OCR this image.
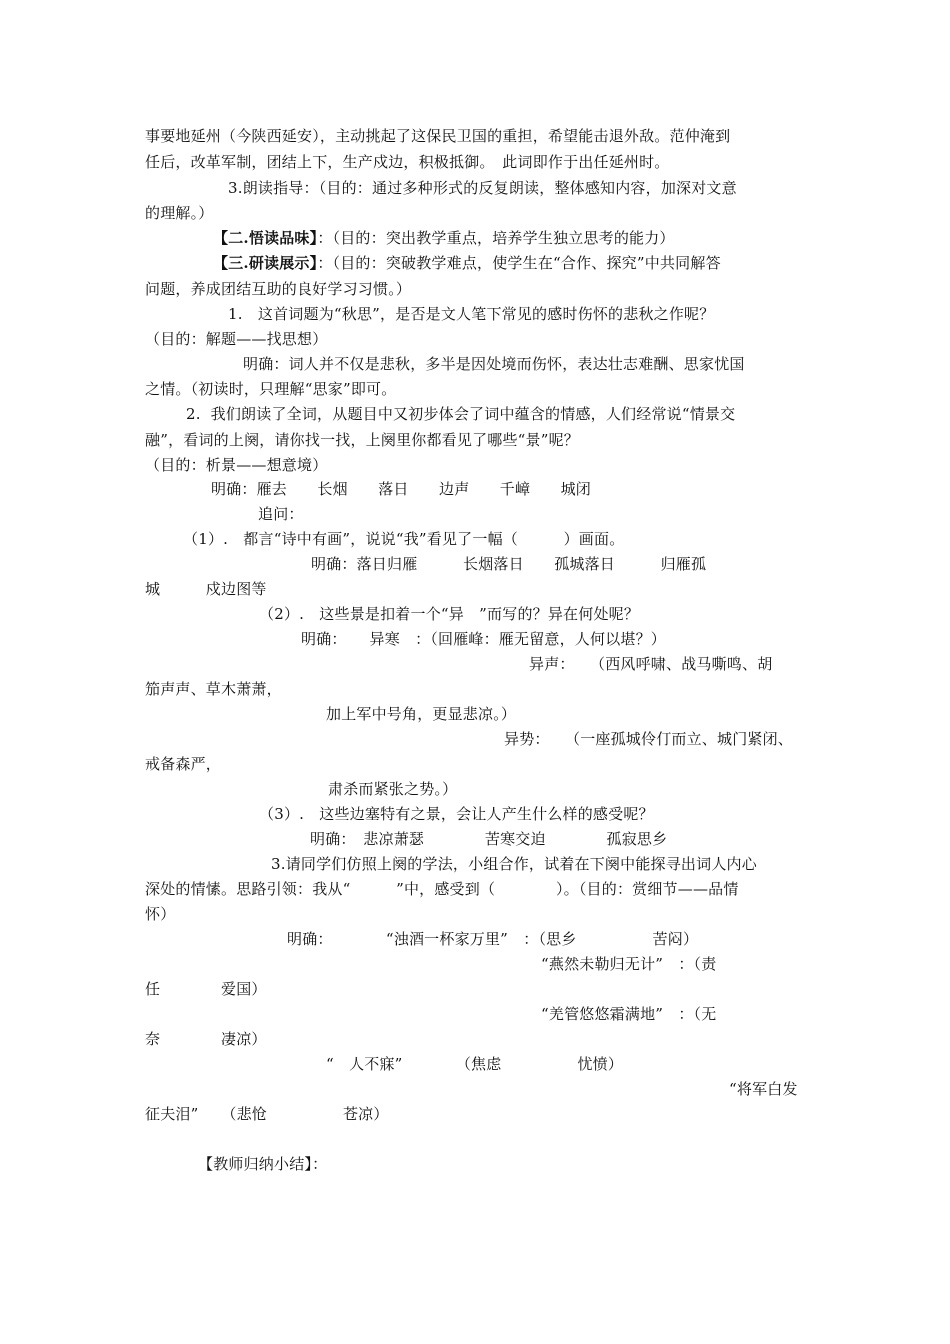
事要地延州（今陕西延安），主动挑起了这保民卫国的重担，希望能击退外敌。范仲淹到
任后，改革军制，团结上下，生产戍边，积极抵御。　此词即作于出任延州时。
3.朗读指导：（目的：通过多种形式的反复朗读，整体感知内容，加深对文意
的理解。）
【二.悟读品味】：（目的：突出教学重点，培养学生独立思考的能力）
【三.研读展示】：（目的：突破教学难点，使学生在“合作、探究”中共同解答
问题，养成团结互助的良好学习习惯。）
1.　这首词题为“秋思”，是否是文人笔下常见的感时伤怀的悲秋之作呢？
（目的：解题——找思想）
明确：词人并不仅是悲秋，多半是因处境而伤怀，表达壮志难酬、思家忧国
之情。（初读时，只理解“思家”即可。
2.  我们朗读了全词，从题目中又初步体会了词中蕴含的情感，人们经常说“情景交
融”，看词的上阕，请你找一找，上阕里你都看见了哪些“景”呢？
（目的：析景——想意境）
明确：雁去　　长烟　　落日　　边声　　千嶂　　城闭
追问：
（1）.　都言“诗中有画”，说说“我”看见了一幅（　　　）画面。
明确：落日归雁　　　长烟落日　　孤城落日　　　归雁孤
城　　　戍边图等
（2）.　这些景是扣着一个“异　”而写的？异在何处呢？
明确：　　异寒　：（回雁峰：雁无留意，人何以堪？）
异声：　　（西风呼啸、战马嘶鸣、胡
笳声声、草木萧萧，
加上军中号角，更显悲凉。）
异势：　　（一座孤城伶仃而立、城门紧闭、
戒备森严，
肃杀而紧张之势。）
（3）.　这些边塞特有之景，会让人产生什么样的感受呢？
明确：　悲凉萧瑟　　　　苦寒交迫　　　　孤寂思乡
3.请同学们仿照上阕的学法，小组合作，试着在下阕中能探寻出词人内心
深处的情愫。思路引领：我从“　　　”中，感受到（　　　　）。（目的：赏细节——品情
怀）
明确：　　　　“浊酒一杯家万里”　：（思乡　　　　　苦闷）
“燕然未勒归无计”　：（责
任　　　　爱国）
“羌管悠悠霜满地”　：（无
奈　　　　凄凉）
“　人不寐”　　　　（焦虑　　　　　忧愤）
“将军白发
征夫泪”　　（悲怆　　　　　苍凉）
【教师归纳小结】：
